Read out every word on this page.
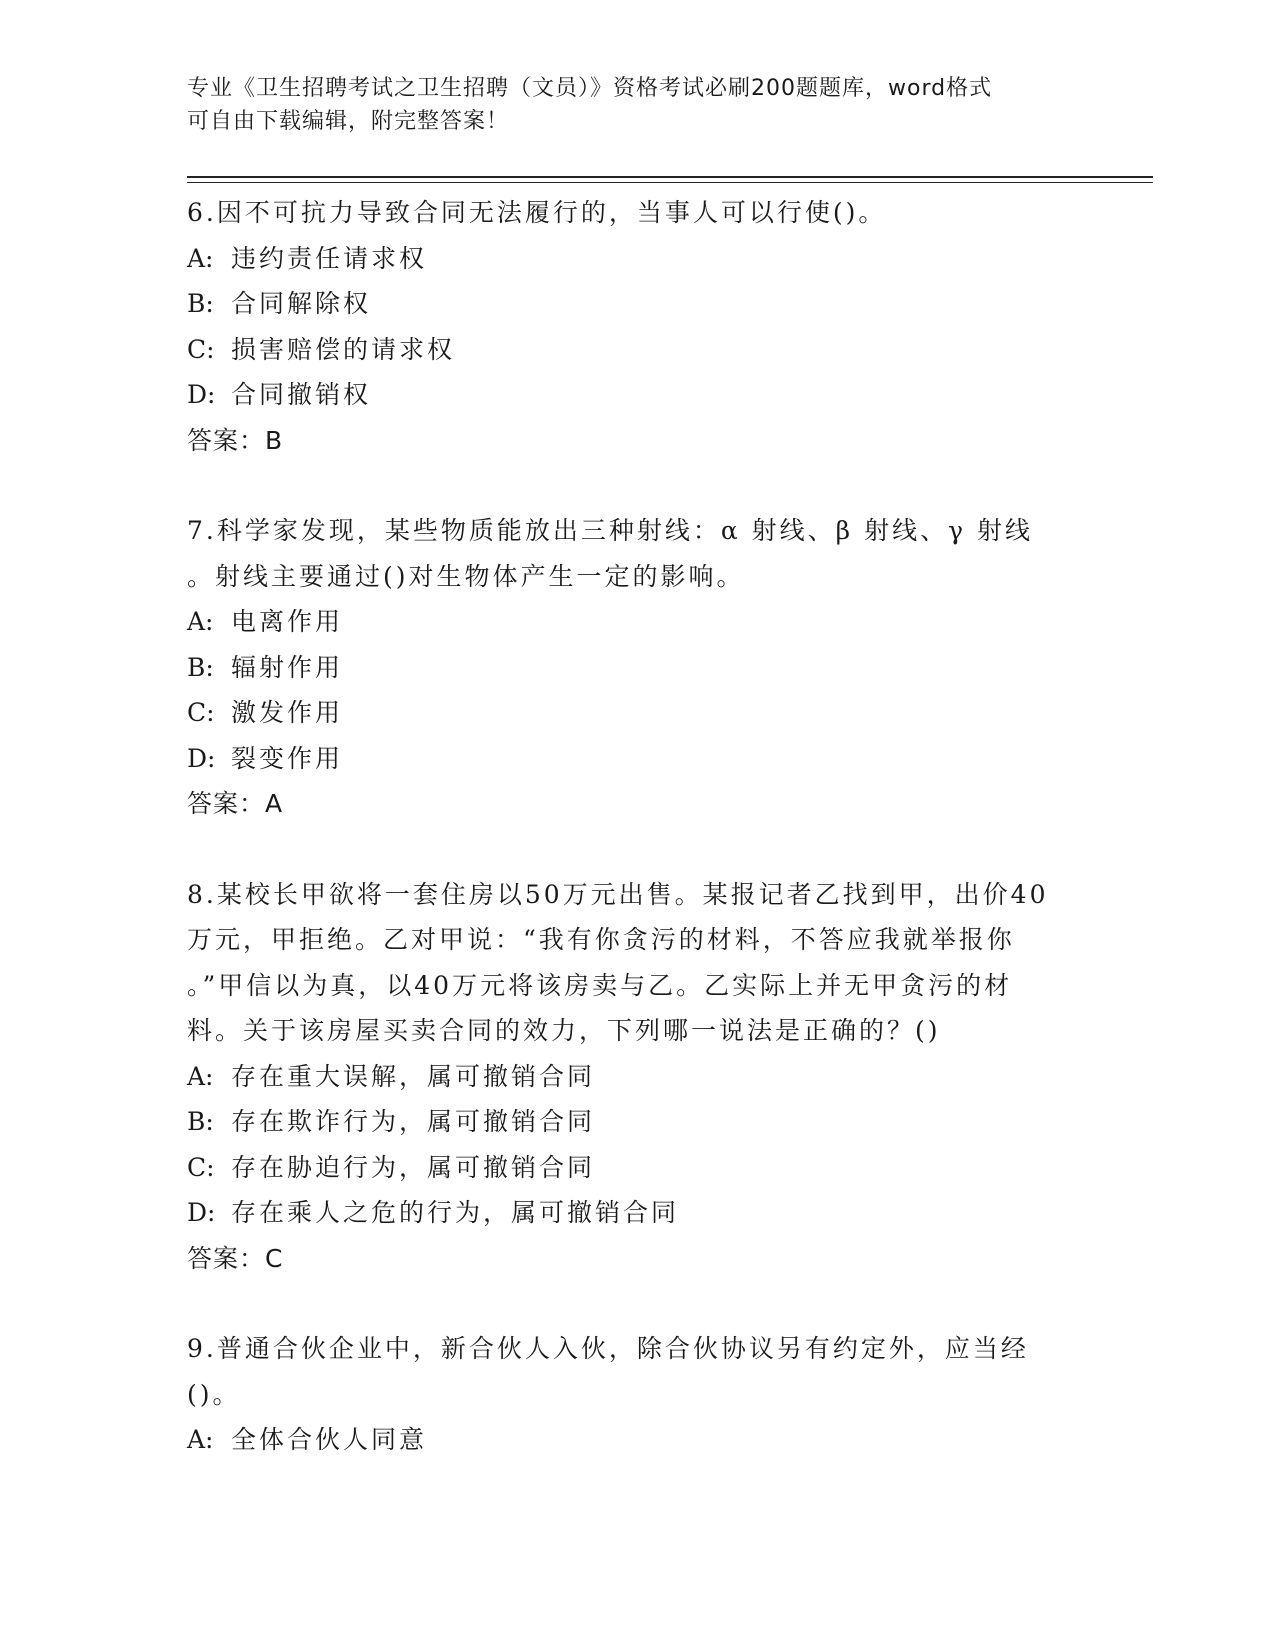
专业《卫生招聘考试之卫生招聘（文员）》资格考试必刷200题题库，word格式
可自由下载编辑，附完整答案！
6.因不可抗力导致合同无法履行的，当事人可以行使()。
A: 违约责任请求权
B: 合同解除权
C: 损害赔偿的请求权
D: 合同撤销权
答案：B
7.科学家发现，某些物质能放出三种射线：α 射线、β 射线、γ 射线
。射线主要通过()对生物体产生一定的影响。
A: 电离作用
B: 辐射作用
C: 激发作用
D: 裂变作用
答案：A
8.某校长甲欲将一套住房以50万元出售。某报记者乙找到甲，出价40
万元，甲拒绝。乙对甲说：“我有你贪污的材料，不答应我就举报你
。”甲信以为真，以40万元将该房卖与乙。乙实际上并无甲贪污的材
料。关于该房屋买卖合同的效力，下列哪一说法是正确的？()
A: 存在重大误解，属可撤销合同
B: 存在欺诈行为，属可撤销合同
C: 存在胁迫行为，属可撤销合同
D: 存在乘人之危的行为，属可撤销合同
答案：C
9.普通合伙企业中，新合伙人入伙，除合伙协议另有约定外，应当经
()。
A: 全体合伙人同意
